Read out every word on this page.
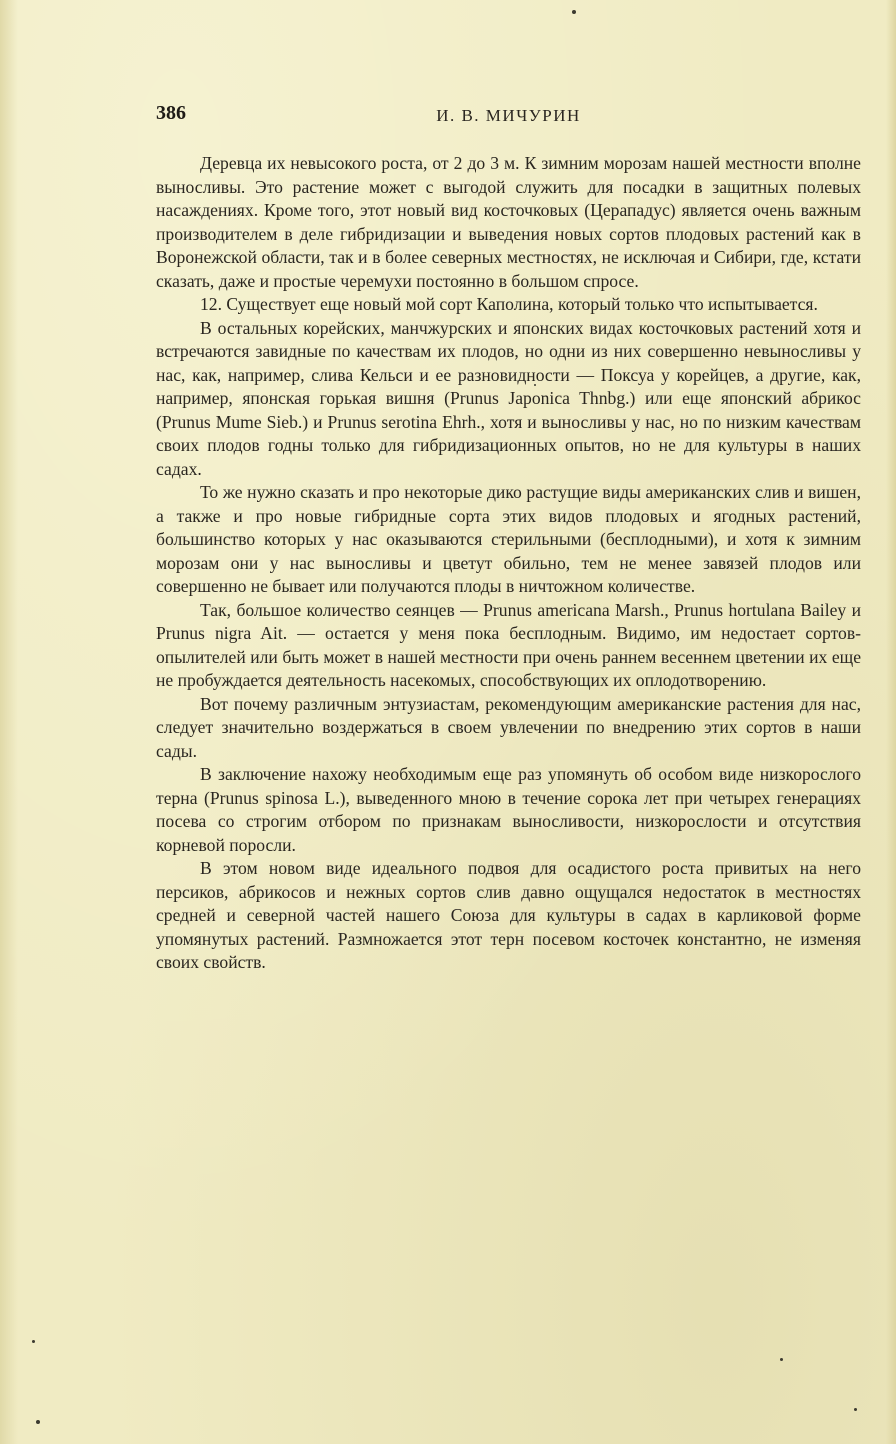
386	И. В. МИЧУРИН

Деревца их невысокого роста, от 2 до 3 м. К зимним морозам нашей местности вполне выносливы. Это растение может с выгодой служить для посадки в защитных полевых насаждениях. Кроме того, этот новый вид косточковых (Церападус) является очень важным производителем в деле гибридизации и выведения новых сортов плодовых растений как в Воронежской области, так и в более северных местностях, не исключая и Сибири, где, кстати сказать, даже и простые черемухи постоянно в большом спросе.

12. Существует еще новый мой сорт Каполина, который только что испытывается.

В остальных корейских, манчжурских и японских видах косточковых растений хотя и встречаются завидные по качествам их плодов, но одни из них совершенно невыносливы у нас, как, например, слива Кельси и ее разновидности — Поксуа у корейцев, а другие, как, например, японская горькая вишня (Prunus Japonica Thnbg.) или еще японский абрикос (Prunus Mume Sieb.) и Prunus serotina Ehrh., хотя и выносливы у нас, но по низким качествам своих плодов годны только для гибридизационных опытов, но не для культуры в наших садах.

То же нужно сказать и про некоторые дико растущие виды американских слив и вишен, а также и про новые гибридные сорта этих видов плодовых и ягодных растений, большинство которых у нас оказываются стерильными (бесплодными), и хотя к зимним морозам они у нас выносливы и цветут обильно, тем не менее завязей плодов или совершенно не бывает или получаются плоды в ничтожном количестве.

Так, большое количество сеянцев — Prunus americana Marsh., Prunus hortulana Bailey и Prunus nigra Ait. — остается у меня пока бесплодным. Видимо, им недостает сортов-опылителей или быть может в нашей местности при очень раннем весеннем цветении их еще не пробуждается деятельность насекомых, способствующих их оплодотворению.

Вот почему различным энтузиастам, рекомендующим американские растения для нас, следует значительно воздержаться в своем увлечении по внедрению этих сортов в наши сады.

В заключение нахожу необходимым еще раз упомянуть об особом виде низкорослого терна (Prunus spinosa L.), выведенного мною в течение сорока лет при четырех генерациях посева со строгим отбором по признакам выносливости, низкорослости и отсутствия корневой поросли.

В этом новом виде идеального подвоя для осадистого роста привитых на него персиков, абрикосов и нежных сортов слив давно ощущался недостаток в местностях средней и северной частей нашего Союза для культуры в садах в карликовой форме упомянутых растений. Размножается этот терн посевом косточек константно, не изменяя своих свойств.
